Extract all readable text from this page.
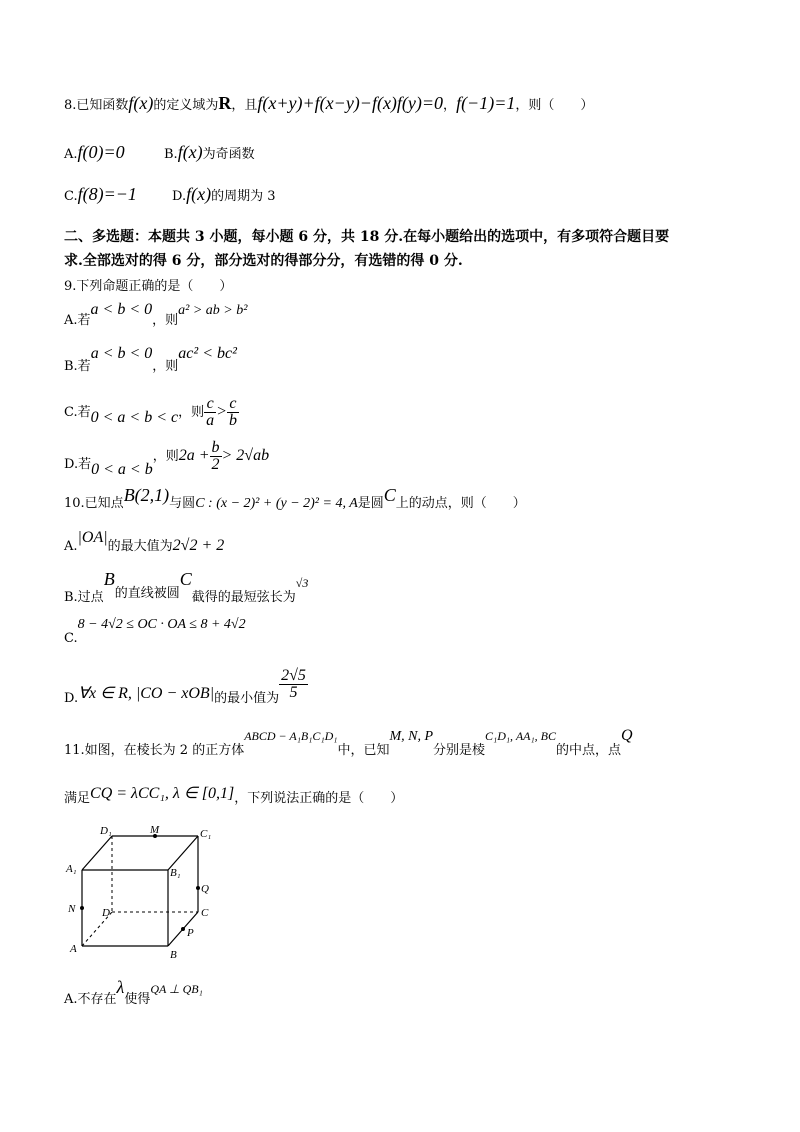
8.已知函数f(x)的定义域为R，且f(x+y)+f(x−y)−f(x)f(y)=0，f(−1)=1，则（　　）
A.f(0)=0	B.f(x)为奇函数
C.f(8)=−1	D.f(x)的周期为 3
二、多选题：本题共 3 小题，每小题 6 分，共 18 分.在每小题给出的选项中，有多项符合题目要
求.全部选对的得 6 分，部分选对的得部分分，有选错的得 0 分.
9.下列命题正确的是（　　）
A.若a < b < 0，则a² > ab > b²
B.若a < b < 0，则ac² < bc²
C.若0 < a < b < c，则 $\frac{c}{a} > \frac{c}{b}$
D.若0 < a < b，则$2a + \frac{b}{2} > 2√ab$
10.已知点B(2,1)与圆C : (x − 2)² + (y − 2)² = 4, A是圆C上的动点，则（　　）
A.|OA|的最大值为2√2 + 2
B.过点B的直线被圆C截得的最短弦长为√3
C.8 − 4√2 ≤ OC · OA ≤ 8 + 4√2
D.∀x ∈ R, |CO − xOB|的最小值为 $\frac{2√5}{5}$
11.如图，在棱长为 2 的正方体ABCD − A₁B₁C₁D₁中，已知M, N, P分别是棱C₁D₁, AA₁, BC的中点，点Q
满足CQ = λCC₁, λ ∈ [0,1]，下列说法正确的是（　　）
D₁	M	C₁
A₁	B₁
Q
N D	C
P
A	B
A.不存在λ使得QA ⊥ QB₁
